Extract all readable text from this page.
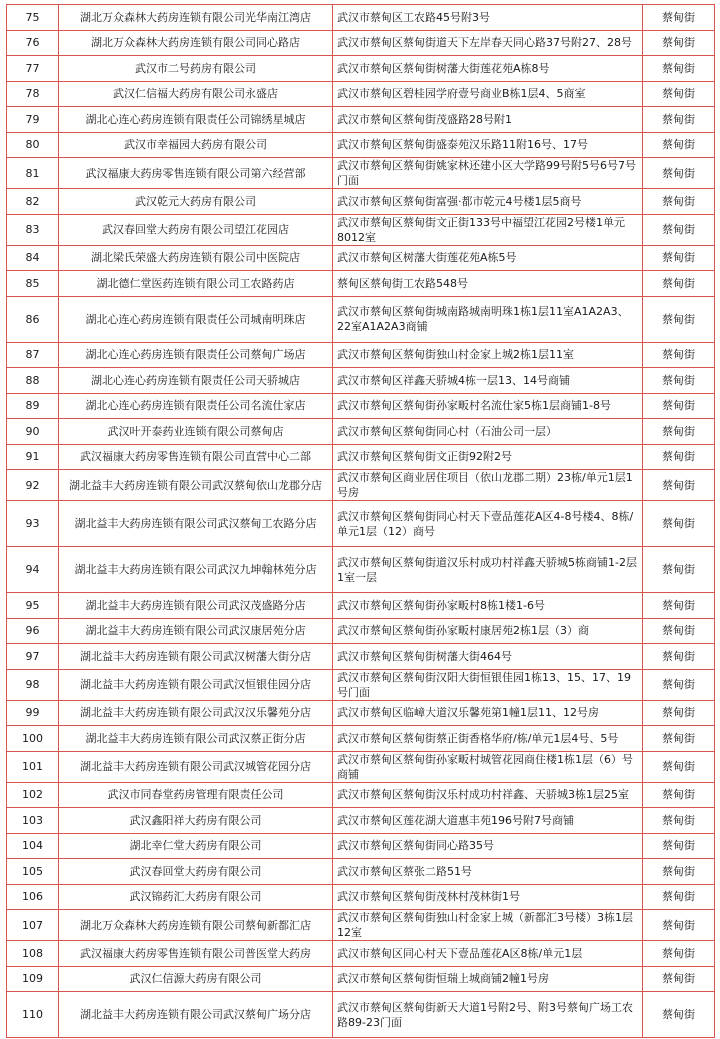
75	湖北万众森林大药房连锁有限公司光华南江湾店	武汉市蔡甸区工农路45号附3号	蔡甸街
76	湖北万众森林大药房连锁有限公司同心路店	武汉市蔡甸区蔡甸街道天下左岸春天同心路37号附27、28号	蔡甸街
77	武汉市二号药房有限公司	武汉市蔡甸区蔡甸街树藩大街莲花苑A栋8号	蔡甸街
78	武汉仁信福大药房有限公司永盛店	武汉市蔡甸区碧桂园学府壹号商业B栋1层4、5商室	蔡甸街
79	湖北心连心药房连锁有限责任公司锦绣星城店	武汉市蔡甸区蔡甸街茂盛路28号附1	蔡甸街
80	武汉市幸福园大药房有限公司	武汉市蔡甸区蔡甸街盛泰苑汉乐路11附16号、17号	蔡甸街
81	武汉福康大药房零售连锁有限公司第六经营部	武汉市蔡甸区蔡甸街姚家林还建小区大学路99号附5号6号7号门面	蔡甸街
82	武汉乾元大药房有限公司	武汉市蔡甸区蔡甸街富强·都市乾元4号楼1层5商号	蔡甸街
83	武汉春回堂大药房有限公司望江花园店	武汉市蔡甸区蔡甸街文正街133号中福望江花园2号楼1单元8012室	蔡甸街
84	湖北梁氏荣盛大药房连锁有限公司中医院店	武汉市蔡甸区树藩大街莲花苑A栋5号	蔡甸街
85	湖北德仁堂医药连锁有限公司工农路药店	蔡甸区蔡甸街工农路548号	蔡甸街
86	湖北心连心药房连锁有限责任公司城南明珠店	武汉市蔡甸区蔡甸街城南路城南明珠1栋1层11室A1A2A3、22室A1A2A3商铺	蔡甸街
87	湖北心连心药房连锁有限责任公司蔡甸广场店	武汉市蔡甸区蔡甸街独山村金家上城2栋1层11室	蔡甸街
88	湖北心连心药房连锁有限责任公司天骄城店	武汉市蔡甸区祥鑫天骄城4栋一层13、14号商铺	蔡甸街
89	湖北心连心药房连锁有限责任公司名流仕家店	武汉市蔡甸区蔡甸街孙家畈村名流仕家5栋1层商铺1-8号	蔡甸街
90	武汉叶开泰药业连锁有限公司蔡甸店	武汉市蔡甸区蔡甸街同心村（石油公司一层）	蔡甸街
91	武汉福康大药房零售连锁有限公司直营中心二部	武汉市蔡甸区蔡甸街文正街92附2号	蔡甸街
92	湖北益丰大药房连锁有限公司武汉蔡甸依山龙郡分店	武汉市蔡甸区商业居住项目（依山龙郡二期）23栋/单元1层1号房	蔡甸街
93	湖北益丰大药房连锁有限公司武汉蔡甸工农路分店	武汉市蔡甸区蔡甸街同心村天下壹品莲花A区4-8号楼4、8栋/单元1层（12）商号	蔡甸街
94	湖北益丰大药房连锁有限公司武汉九坤翰林苑分店	武汉市蔡甸区蔡甸街道汉乐村成功村祥鑫天骄城5栋商铺1-2层1室一层	蔡甸街
95	湖北益丰大药房连锁有限公司武汉茂盛路分店	武汉市蔡甸区蔡甸街孙家畈村8栋1楼1-6号	蔡甸街
96	湖北益丰大药房连锁有限公司武汉康居苑分店	武汉市蔡甸区蔡甸街孙家畈村康居苑2栋1层（3）商	蔡甸街
97	湖北益丰大药房连锁有限公司武汉树藩大街分店	武汉市蔡甸区蔡甸街树藩大街464号	蔡甸街
98	湖北益丰大药房连锁有限公司武汉恒银佳园分店	武汉市蔡甸区蔡甸街汉阳大街恒银佳园1栋13、15、17、19号门面	蔡甸街
99	湖北益丰大药房连锁有限公司武汉汉乐馨苑分店	武汉市蔡甸区临嶂大道汉乐馨苑第1幢1层11、12号房	蔡甸街
100	湖北益丰大药房连锁有限公司武汉蔡正街分店	武汉市蔡甸区蔡甸街蔡正街香格华府/栋/单元1层4号、5号	蔡甸街
101	湖北益丰大药房连锁有限公司武汉城管花园分店	武汉市蔡甸区蔡甸街孙家畈村城管花园商住楼1栋1层（6）号商铺	蔡甸街
102	武汉市同春堂药房管理有限责任公司	武汉市蔡甸区蔡甸街汉乐村成功村祥鑫、天骄城3栋1层25室	蔡甸街
103	武汉鑫阳祥大药房有限公司	武汉市蔡甸区莲花湖大道惠丰苑196号附7号商铺	蔡甸街
104	湖北幸仁堂大药房有限公司	武汉市蔡甸区蔡甸街同心路35号	蔡甸街
105	武汉春回堂大药房有限公司	武汉市蔡甸区蔡张二路51号	蔡甸街
106	武汉锦药汇大药房有限公司	武汉市蔡甸区蔡甸街茂林村茂林街1号	蔡甸街
107	湖北万众森林大药房连锁有限公司蔡甸新都汇店	武汉市蔡甸区蔡甸街独山村金家上城（新都汇3号楼）3栋1层12室	蔡甸街
108	武汉福康大药房零售连锁有限公司普医堂大药房	武汉市蔡甸区同心村天下壹品莲花A区8栋/单元1层	蔡甸街
109	武汉仁信源大药房有限公司	武汉市蔡甸区蔡甸街恒瑞上城商铺2幢1号房	蔡甸街
110	湖北益丰大药房连锁有限公司武汉蔡甸广场分店	武汉市蔡甸区蔡甸街新天大道1号附2号、附3号蔡甸广场工农路89-23门面	蔡甸街
